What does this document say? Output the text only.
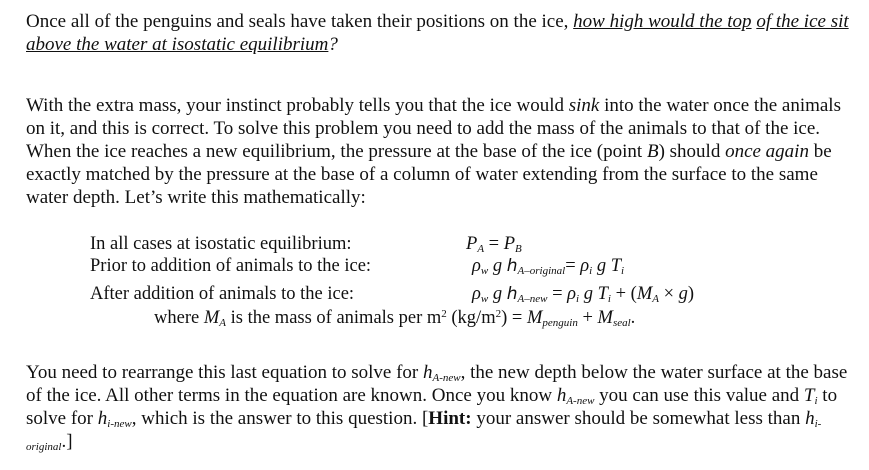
Once all of the penguins and seals have taken their positions on the ice, how high would the top of the ice sit above the water at isostatic equilibrium?

With the extra mass, your instinct probably tells you that the ice would sink into the water once the animals on it, and this is correct. To solve this problem you need to add the mass of the animals to that of the ice. When the ice reaches a new equilibrium, the pressure at the base of the ice (point B) should once again be exactly matched by the pressure at the base of a column of water extending from the surface to the same water depth. Let’s write this mathematically:

In all cases at isostatic equilibrium:	$P_A = P_B$
Prior to addition of animals to the ice:	$\rho_w$ g $h_{A-original}= \rho_i$ g $T_i$
After addition of animals to the ice:	$\rho_w$ g $h_{A-new} = \rho_i$ g $T_i + (M_A \times g)$
where $M_A$ is the mass of animals per $m^2$ $(kg/m^2) = M_{penguin} + M_{seal}$.

You need to rearrange this last equation to solve for $h_{A-new}$, the new depth below the water surface at the base of the ice. All other terms in the equation are known. Once you know $h_{A-new}$ you can use this value and $T_i$ to solve for $h_{i-new}$, which is the answer to this question. [Hint: your answer should be somewhat less than $h_{i-original}$.]
